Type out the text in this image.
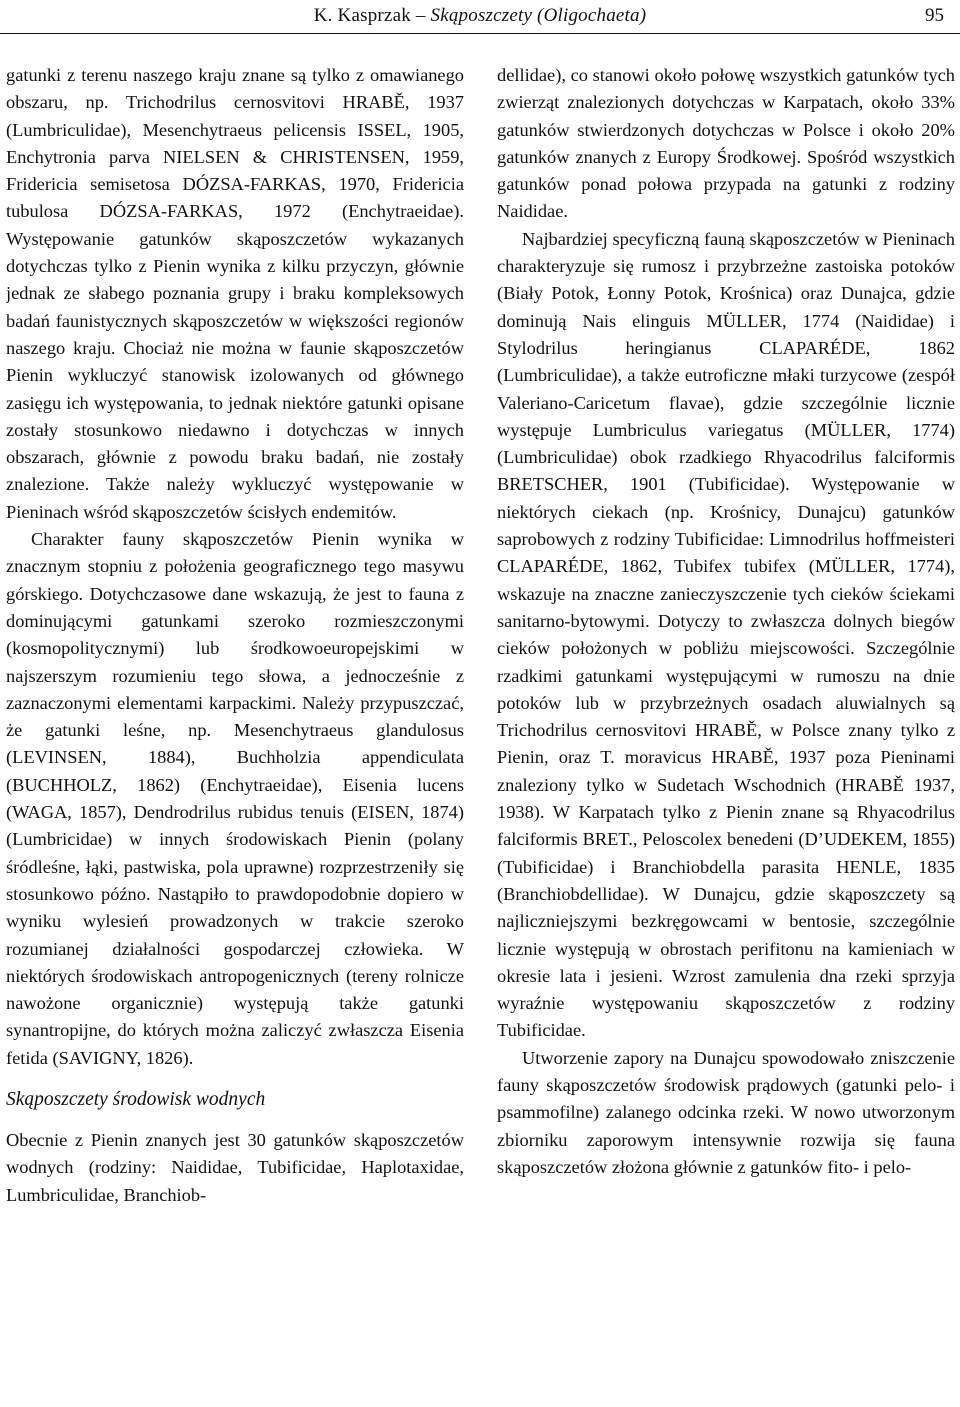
K. Kasprzak – Skąposzczety (Oligochaeta)	95

gatunki z terenu naszego kraju znane są tylko z omawianego obszaru, np. Trichodrilus cernosvitovi HRABĚ, 1937 (Lumbriculidae), Mesenchytraeus pelicensis ISSEL, 1905, Enchytronia parva NIELSEN & CHRISTENSEN, 1959, Fridericia semisetosa DÓZSA-FARKAS, 1970, Fridericia tubulosa DÓZSA-FARKAS, 1972 (Enchytraeidae). Występowanie gatunków skąposzczetów wykazanych dotychczas tylko z Pienin wynika z kilku przyczyn, głównie jednak ze słabego poznania grupy i braku kompleksowych badań faunistycznych skąposzczetów w większości regionów naszego kraju. Chociaż nie można w faunie skąposzczetów Pienin wykluczyć stanowisk izolowanych od głównego zasięgu ich występowania, to jednak niektóre gatunki opisane zostały stosunkowo niedawno i dotychczas w innych obszarach, głównie z powodu braku badań, nie zostały znalezione. Także należy wykluczyć występowanie w Pieninach wśród skąposzczetów ścisłych endemitów.

Charakter fauny skąposzczetów Pienin wynika w znacznym stopniu z położenia geograficznego tego masywu górskiego. Dotychczasowe dane wskazują, że jest to fauna z dominującymi gatunkami szeroko rozmieszczonymi (kosmopolitycznymi) lub środkowoeuropejskimi w najszerszym rozumieniu tego słowa, a jednocześnie z zaznaczonymi elementami karpackimi. Należy przypuszczać, że gatunki leśne, np. Mesenchytraeus glandulosus (LEVINSEN, 1884), Buchholzia appendiculata (BUCHHOLZ, 1862) (Enchytraeidae), Eisenia lucens (WAGA, 1857), Dendrodrilus rubidus tenuis (EISEN, 1874) (Lumbricidae) w innych środowiskach Pienin (polany śródleśne, łąki, pastwiska, pola uprawne) rozprzestrzeniły się stosunkowo późno. Nastąpiło to prawdopodobnie dopiero w wyniku wylesień prowadzonych w trakcie szeroko rozumianej działalności gospodarczej człowieka. W niektórych środowiskach antropogenicznych (tereny rolnicze nawożone organicznie) występują także gatunki synantropijne, do których można zaliczyć zwłaszcza Eisenia fetida (SAVIGNY, 1826).

Skąposzczety środowisk wodnych

Obecnie z Pienin znanych jest 30 gatunków skąposzczetów wodnych (rodziny: Naididae, Tubificidae, Haplotaxidae, Lumbriculidae, Branchiob-

dellidae), co stanowi około połowę wszystkich gatunków tych zwierząt znalezionych dotychczas w Karpatach, około 33% gatunków stwierdzonych dotychczas w Polsce i około 20% gatunków znanych z Europy Środkowej. Spośród wszystkich gatunków ponad połowa przypada na gatunki z rodziny Naididae.

Najbardziej specyficzną fauną skąposzczetów w Pieninach charakteryzuje się rumosz i przybrzeżne zastoiska potoków (Biały Potok, Łonny Potok, Krośnica) oraz Dunajca, gdzie dominują Nais elinguis MÜLLER, 1774 (Naididae) i Stylodrilus heringianus CLAPARÉDE, 1862 (Lumbriculidae), a także eutroficzne młaki turzycowe (zespół Valeriano-Caricetum flavae), gdzie szczególnie licznie występuje Lumbriculus variegatus (MÜLLER, 1774) (Lumbriculidae) obok rzadkiego Rhyacodrilus falciformis BRETSCHER, 1901 (Tubificidae). Występowanie w niektórych ciekach (np. Krośnicy, Dunajcu) gatunków saprobowych z rodziny Tubificidae: Limnodrilus hoffmeisteri CLAPARÉDE, 1862, Tubifex tubifex (MÜLLER, 1774), wskazuje na znaczne zanieczyszczenie tych cieków ściekami sanitarno-bytowymi. Dotyczy to zwłaszcza dolnych biegów cieków położonych w pobliżu miejscowości. Szczególnie rzadkimi gatunkami występującymi w rumoszu na dnie potoków lub w przybrzeżnych osadach aluwialnych są Trichodrilus cernosvitovi HRABĚ, w Polsce znany tylko z Pienin, oraz T. moravicus HRABĚ, 1937 poza Pieninami znaleziony tylko w Sudetach Wschodnich (HRABĚ 1937, 1938). W Karpatach tylko z Pienin znane są Rhyacodrilus falciformis BRET., Peloscolex benedeni (D’UDEKEM, 1855) (Tubificidae) i Branchiobdella parasita HENLE, 1835 (Branchiobdellidae). W Dunajcu, gdzie skąposzczety są najliczniejszymi bezkręgowcami w bentosie, szczególnie licznie występują w obrostach perifitonu na kamieniach w okresie lata i jesieni. Wzrost zamulenia dna rzeki sprzyja wyraźnie występowaniu skąposzczetów z rodziny Tubificidae.

Utworzenie zapory na Dunajcu spowodowało zniszczenie fauny skąposzczetów środowisk prądowych (gatunki pelo- i psammofilne) zalanego odcinka rzeki. W nowo utworzonym zbiorniku zaporowym intensywnie rozwija się fauna skąposzczetów złożona głównie z gatunków fito- i pelo-
